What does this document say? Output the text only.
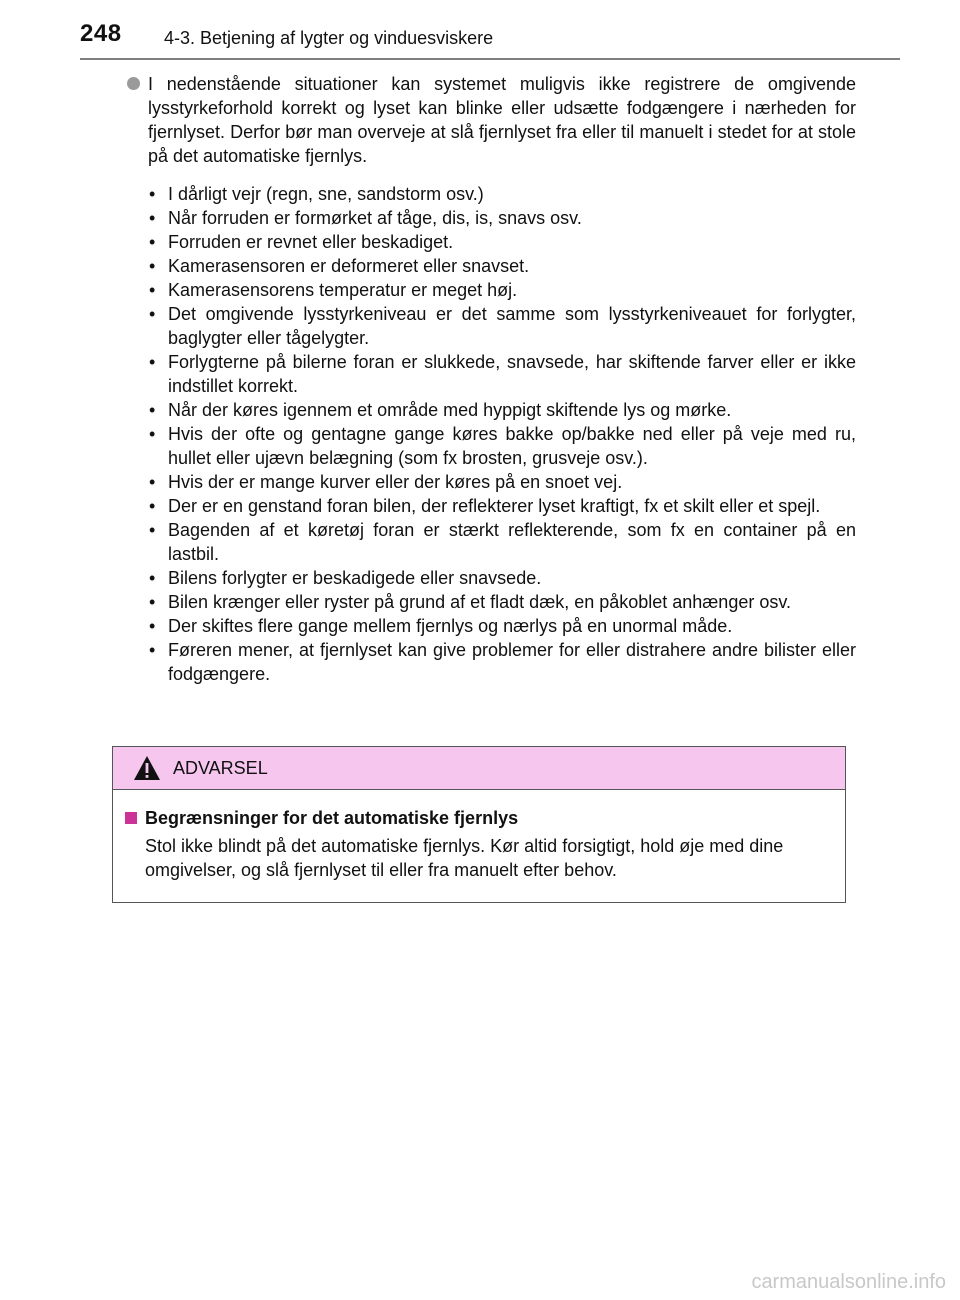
248 4-3. Betjening af lygter og vinduesviskere

I nedenstående situationer kan systemet muligvis ikke registrere de omgivende lysstyrkeforhold korrekt og lyset kan blinke eller udsætte fodgængere i nærheden for fjernlyset. Derfor bør man overveje at slå fjernlyset fra eller til manuelt i stedet for at stole på det automatiske fjernlys.

• I dårligt vejr (regn, sne, sandstorm osv.)
• Når forruden er formørket af tåge, dis, is, snavs osv.
• Forruden er revnet eller beskadiget.
• Kamerasensoren er deformeret eller snavset.
• Kamerasensorens temperatur er meget høj.
• Det omgivende lysstyrkeniveau er det samme som lysstyrkeniveauet for forlygter, baglygter eller tågelygter.
• Forlygterne på bilerne foran er slukkede, snavsede, har skiftende farver eller er ikke indstillet korrekt.
• Når der køres igennem et område med hyppigt skiftende lys og mørke.
• Hvis der ofte og gentagne gange køres bakke op/bakke ned eller på veje med ru, hullet eller ujævn belægning (som fx brosten, grusveje osv.).
• Hvis der er mange kurver eller der køres på en snoet vej.
• Der er en genstand foran bilen, der reflekterer lyset kraftigt, fx et skilt eller et spejl.
• Bagenden af et køretøj foran er stærkt reflekterende, som fx en container på en lastbil.
• Bilens forlygter er beskadigede eller snavsede.
• Bilen krænger eller ryster på grund af et fladt dæk, en påkoblet anhænger osv.
• Der skiftes flere gange mellem fjernlys og nærlys på en unormal måde.
• Føreren mener, at fjernlyset kan give problemer for eller distrahere andre bilister eller fodgængere.
ADVARSEL
Begrænsninger for det automatiske fjernlys
Stol ikke blindt på det automatiske fjernlys. Kør altid forsigtigt, hold øje med dine omgivelser, og slå fjernlyset til eller fra manuelt efter behov.
carmanualsonline.info
